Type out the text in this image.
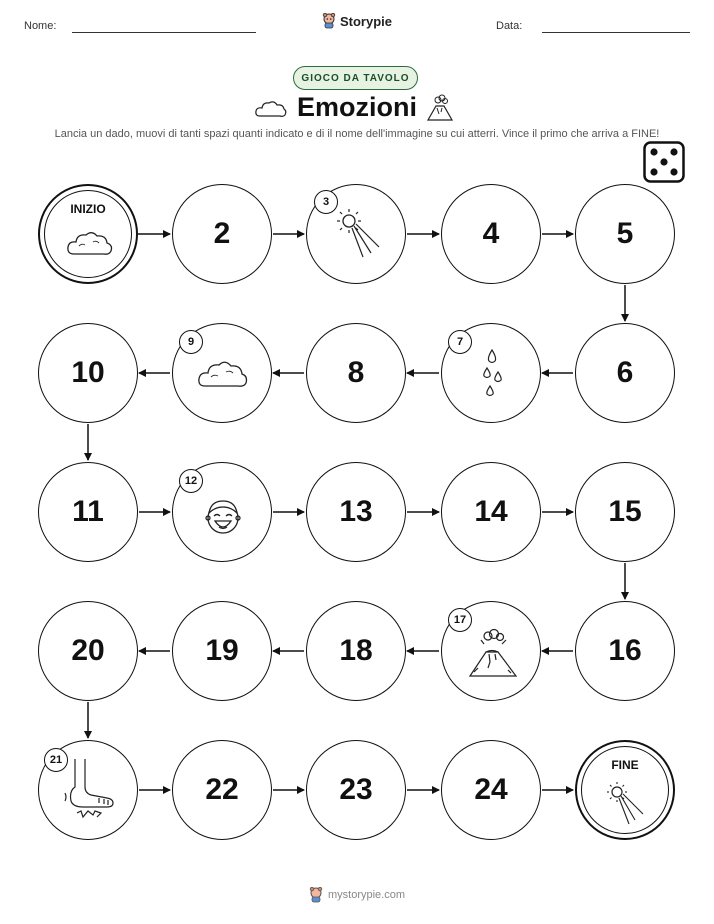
Nome:	Storypie	Data:
GIOCO DA TAVOLO
Emozioni
Lancia un dado, muovi di tanti spazi quanti indicato e di il nome dell'immagine su cui atterri. Vince il primo che arriva a FINE!
INIZIO
2
3
4	5
6
7
8
9
10
11
12
13	14	15
16
17
18
19
20
21
22	23	24
FINE
mystorypie.com
